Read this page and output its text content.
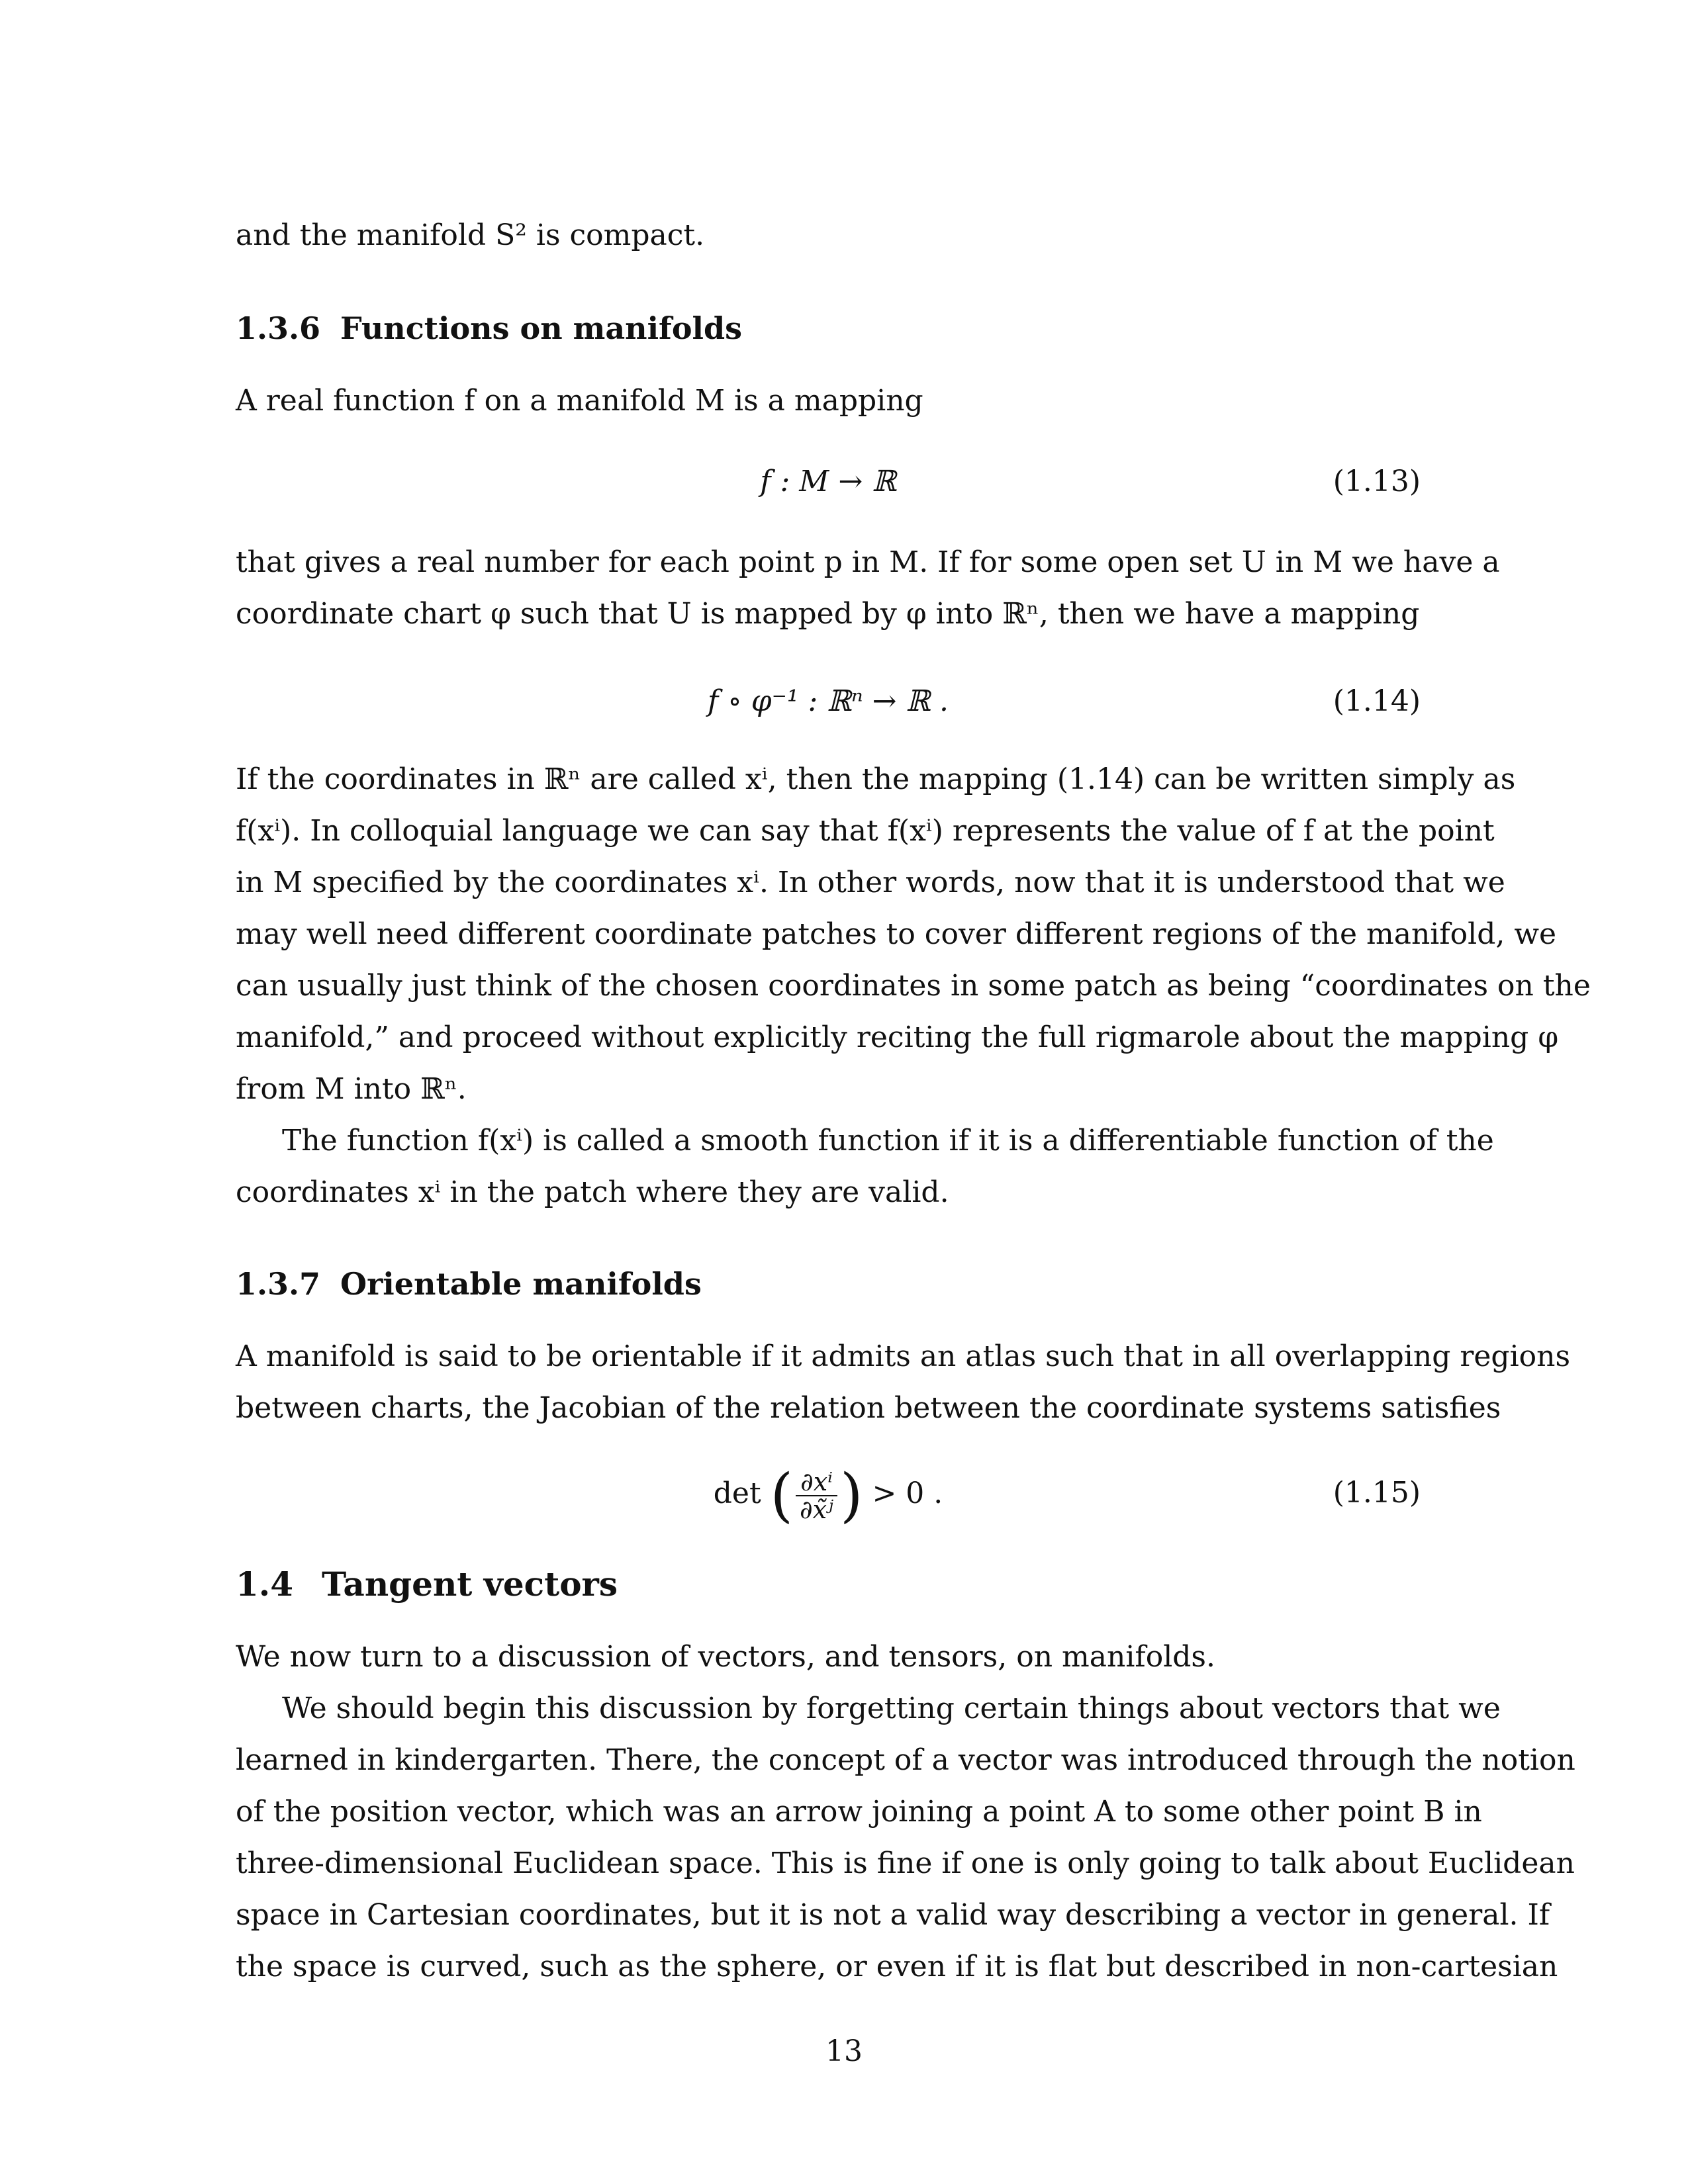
and the manifold S² is compact.
1.3.6 Functions on manifolds
A real function f on a manifold M is a mapping
f : M → ℝ	(1.13)
that gives a real number for each point p in M. If for some open set U in M we have a
coordinate chart φ such that U is mapped by φ into ℝⁿ, then we have a mapping
f ∘ φ⁻¹ : ℝⁿ → ℝ .	(1.14)
If the coordinates in ℝⁿ are called xⁱ, then the mapping (1.14) can be written simply as
f(xⁱ). In colloquial language we can say that f(xⁱ) represents the value of f at the point
in M specified by the coordinates xⁱ. In other words, now that it is understood that we
may well need different coordinate patches to cover different regions of the manifold, we
can usually just think of the chosen coordinates in some patch as being “coordinates on the
manifold,” and proceed without explicitly reciting the full rigmarole about the mapping φ
from M into ℝⁿ.
The function f(xⁱ) is called a smooth function if it is a differentiable function of the
coordinates xⁱ in the patch where they are valid.
1.3.7 Orientable manifolds
A manifold is said to be orientable if it admits an atlas such that in all overlapping regions
between charts, the Jacobian of the relation between the coordinate systems satisfies
det ( $\frac{\text{∂xⁱ}}{\text{∂x̃ʲ}}$ ) > 0 .	(1.15)
1.4 Tangent vectors
We now turn to a discussion of vectors, and tensors, on manifolds.
We should begin this discussion by forgetting certain things about vectors that we
learned in kindergarten. There, the concept of a vector was introduced through the notion
of the position vector, which was an arrow joining a point A to some other point B in
three-dimensional Euclidean space. This is fine if one is only going to talk about Euclidean
space in Cartesian coordinates, but it is not a valid way describing a vector in general. If
the space is curved, such as the sphere, or even if it is flat but described in non-cartesian
13
